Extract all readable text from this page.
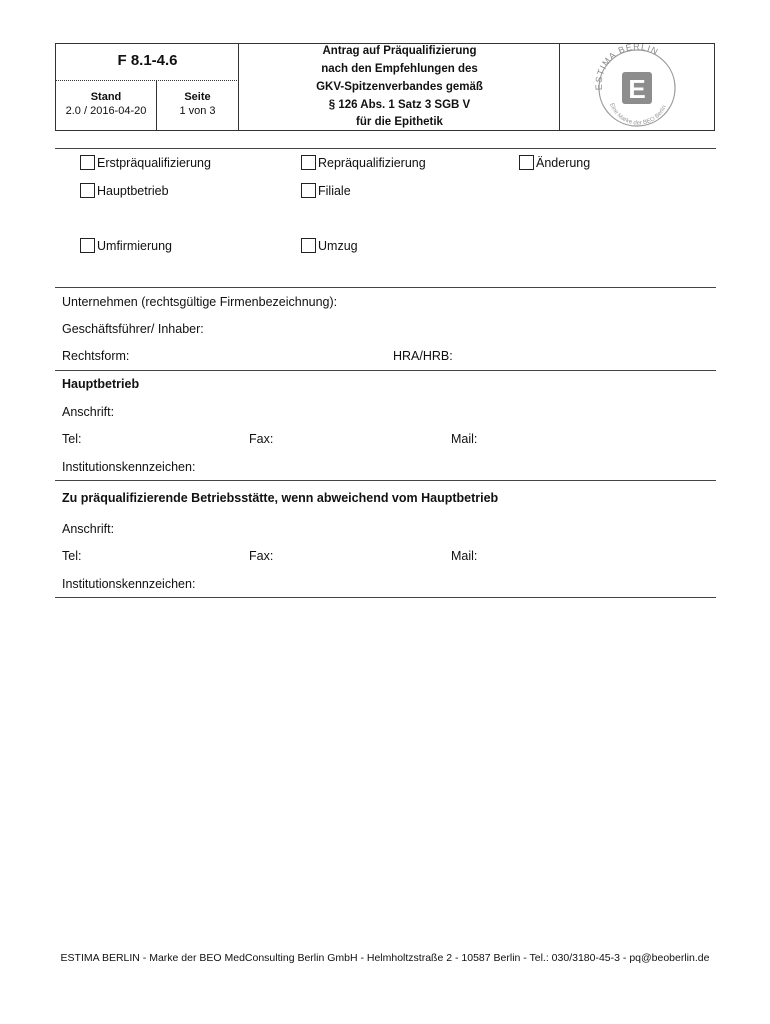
F 8.1-4.6
Stand
2.0 / 2016-04-20
Seite
1 von 3
Antrag auf Präqualifizierung
nach den Empfehlungen des
GKV-Spitzenverbandes gemäß
§ 126 Abs. 1 Satz 3 SGB V
für die Epithetik
ESTIMA BERLIN
Eine Marke der BEO Berlin
E
Erstpräqualifizierung	Repräqualifizierung	Änderung
Hauptbetrieb	Filiale
Umfirmierung	Umzug
Unternehmen (rechtsgültige Firmenbezeichnung):
Geschäftsführer/ Inhaber:
Rechtsform:	HRA/HRB:
Hauptbetrieb
Anschrift:
Tel:	Fax:	Mail:
Institutionskennzeichen:
Zu präqualifizierende Betriebsstätte, wenn abweichend vom Hauptbetrieb
Anschrift:
Tel:	Fax:	Mail:
Institutionskennzeichen:
ESTIMA BERLIN - Marke der BEO MedConsulting Berlin GmbH - Helmholtzstraße 2 - 10587 Berlin - Tel.: 030/3180-45-3 - pq@beoberlin.de
